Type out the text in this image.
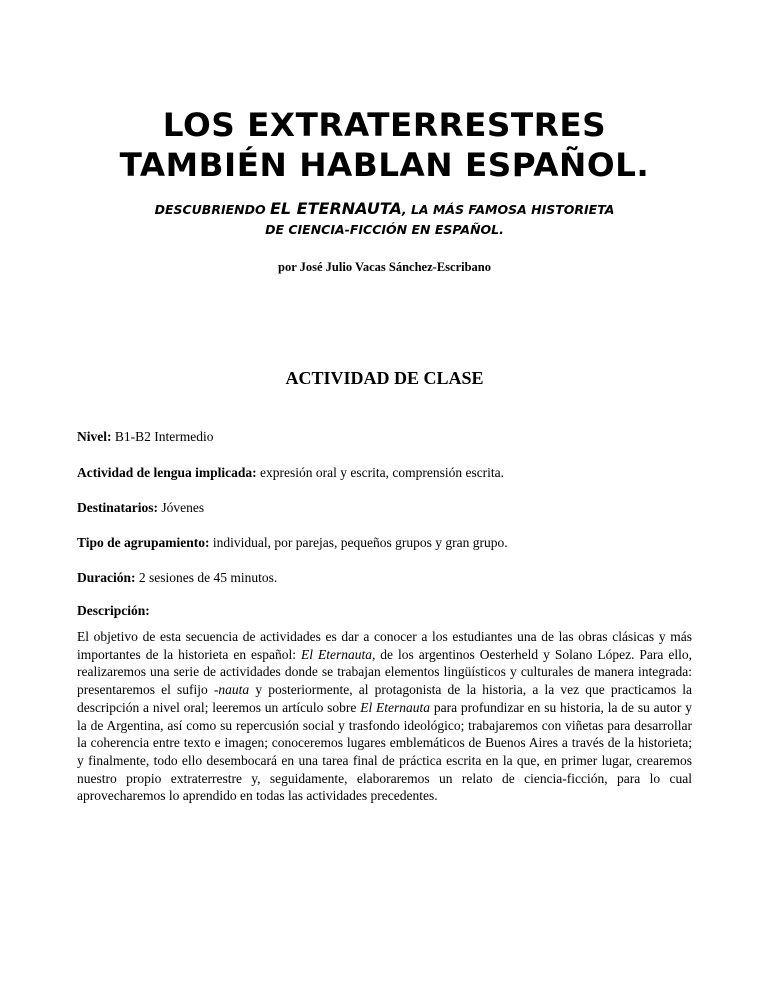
LOS EXTRATERRESTRES
TAMBIÉN HABLAN ESPAÑOL.

DESCUBRIENDO EL ETERNAUTA, LA MÁS FAMOSA HISTORIETA
DE CIENCIA-FICCIÓN EN ESPAÑOL.

por José Julio Vacas Sánchez-Escribano

ACTIVIDAD DE CLASE

Nivel: B1-B2 Intermedio

Actividad de lengua implicada: expresión oral y escrita, comprensión escrita.

Destinatarios: Jóvenes

Tipo de agrupamiento: individual, por parejas, pequeños grupos y gran grupo.

Duración: 2 sesiones de 45 minutos.

Descripción:

El objetivo de esta secuencia de actividades es dar a conocer a los estudiantes una de las obras clásicas y más importantes de la historieta en español: El Eternauta, de los argentinos Oesterheld y Solano López. Para ello, realizaremos una serie de actividades donde se trabajan elementos lingüísticos y culturales de manera integrada: presentaremos el sufijo -nauta y posteriormente, al protagonista de la historia, a la vez que practicamos la descripción a nivel oral; leeremos un artículo sobre El Eternauta para profundizar en su historia, la de su autor y la de Argentina, así como su repercusión social y trasfondo ideológico; trabajaremos con viñetas para desarrollar la coherencia entre texto e imagen; conoceremos lugares emblemáticos de Buenos Aires a través de la historieta; y finalmente, todo ello desembocará en una tarea final de práctica escrita en la que, en primer lugar, crearemos nuestro propio extraterrestre y, seguidamente, elaboraremos un relato de ciencia-ficción, para lo cual aprovecharemos lo aprendido en todas las actividades precedentes.
